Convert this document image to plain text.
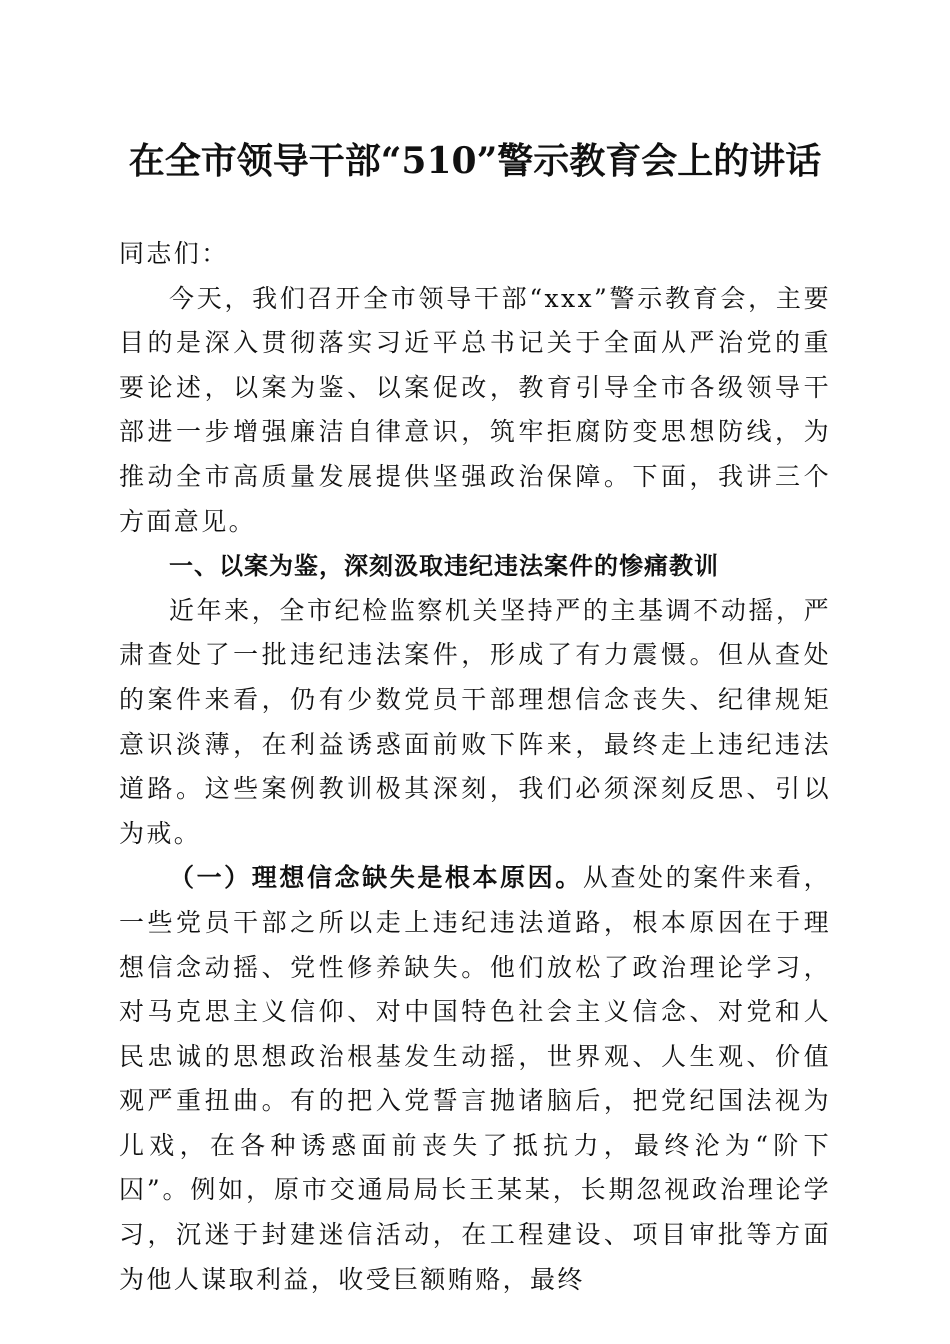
在全市领导干部“510”警示教育会上的讲话

同志们：

今天，我们召开全市领导干部“xxx”警示教育会，主要目的是深入贯彻落实习近平总书记关于全面从严治党的重要论述，以案为鉴、以案促改，教育引导全市各级领导干部进一步增强廉洁自律意识，筑牢拒腐防变思想防线，为推动全市高质量发展提供坚强政治保障。下面，我讲三个方面意见。

一、以案为鉴，深刻汲取违纪违法案件的惨痛教训

近年来，全市纪检监察机关坚持严的主基调不动摇，严肃查处了一批违纪违法案件，形成了有力震慑。但从查处的案件来看，仍有少数党员干部理想信念丧失、纪律规矩意识淡薄，在利益诱惑面前败下阵来，最终走上违纪违法道路。这些案例教训极其深刻，我们必须深刻反思、引以为戒。

（一）理想信念缺失是根本原因。从查处的案件来看，一些党员干部之所以走上违纪违法道路，根本原因在于理想信念动摇、党性修养缺失。他们放松了政治理论学习，对马克思主义信仰、对中国特色社会主义信念、对党和人民忠诚的思想政治根基发生动摇，世界观、人生观、价值观严重扭曲。有的把入党誓言抛诸脑后，把党纪国法视为儿戏，在各种诱惑面前丧失了抵抗力，最终沦为“阶下囚”。例如，原市交通局局长王某某，长期忽视政治理论学习，沉迷于封建迷信活动，在工程建设、项目审批等方面为他人谋取利益，收受巨额贿赂，最终
